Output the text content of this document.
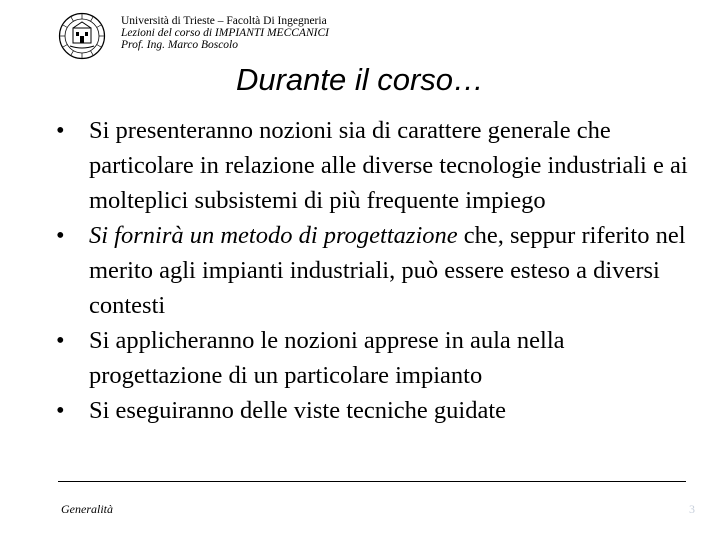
Università di Trieste – Facoltà Di Ingegneria
Lezioni del corso di IMPIANTI MECCANICI
Prof. Ing. Marco Boscolo
Durante il corso…
• Si presenteranno nozioni sia di carattere generale che particolare in relazione alle diverse tecnologie industriali e ai molteplici subsistemi di più frequente impiego
• Si fornirà un metodo di progettazione che, seppur riferito nel merito agli impianti industriali, può essere esteso a diversi contesti
• Si applicheranno le nozioni apprese in aula nella progettazione di un particolare impianto
• Si eseguiranno delle viste tecniche guidate
Generalità	3
